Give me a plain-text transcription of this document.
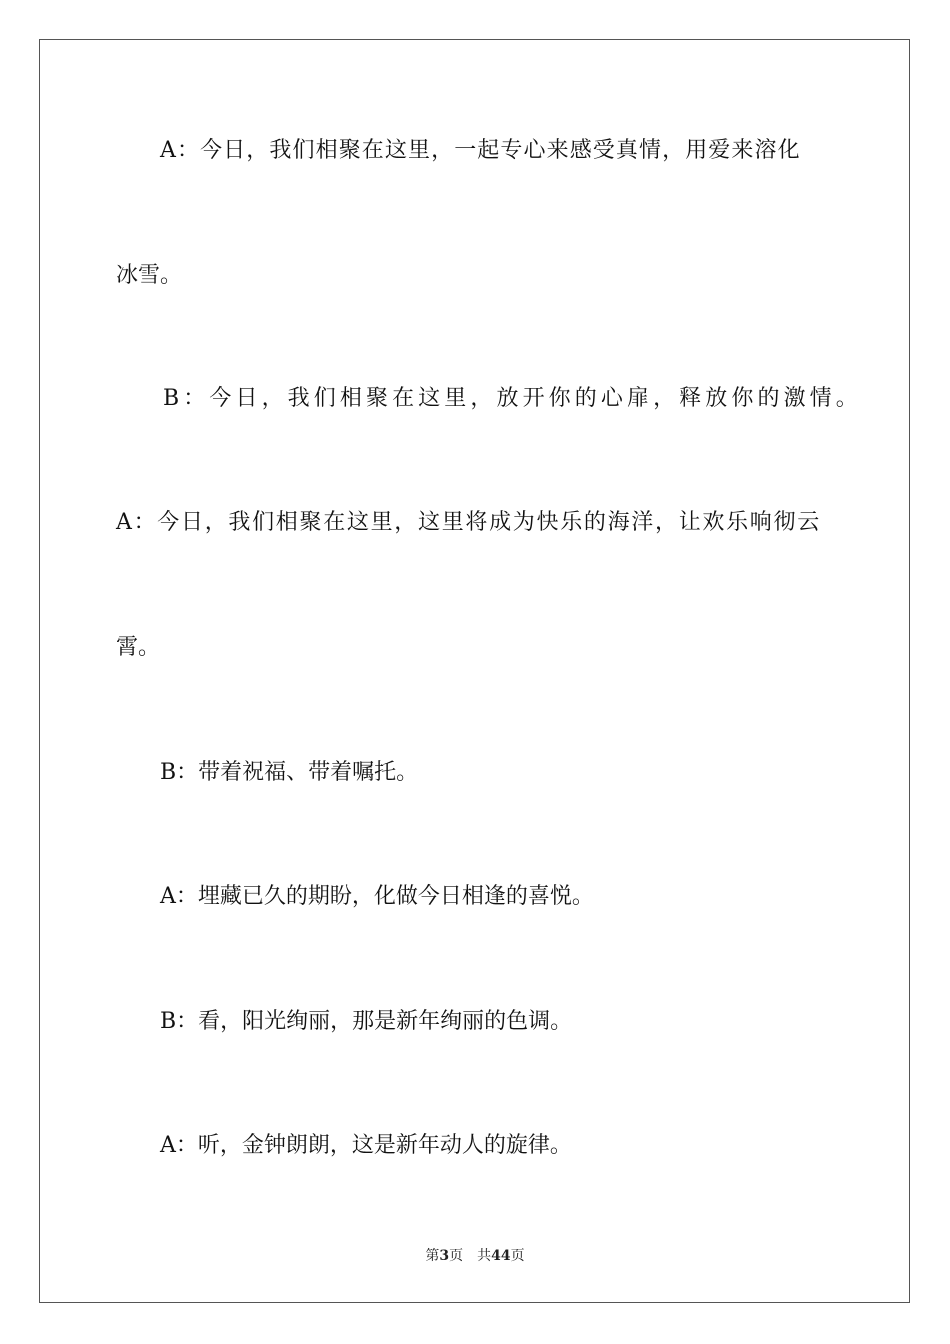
A：今日，我们相聚在这里，一起专心来感受真情，用爱来溶化
冰雪。
B：今日，我们相聚在这里，放开你的心扉，释放你的激情。
A：今日，我们相聚在这里，这里将成为快乐的海洋，让欢乐响彻云
霄。
B：带着祝福、带着嘱托。
A：埋藏已久的期盼，化做今日相逢的喜悦。
B：看，阳光绚丽，那是新年绚丽的色调。
A：听，金钟朗朗，这是新年动人的旋律。
第3页 共44页
